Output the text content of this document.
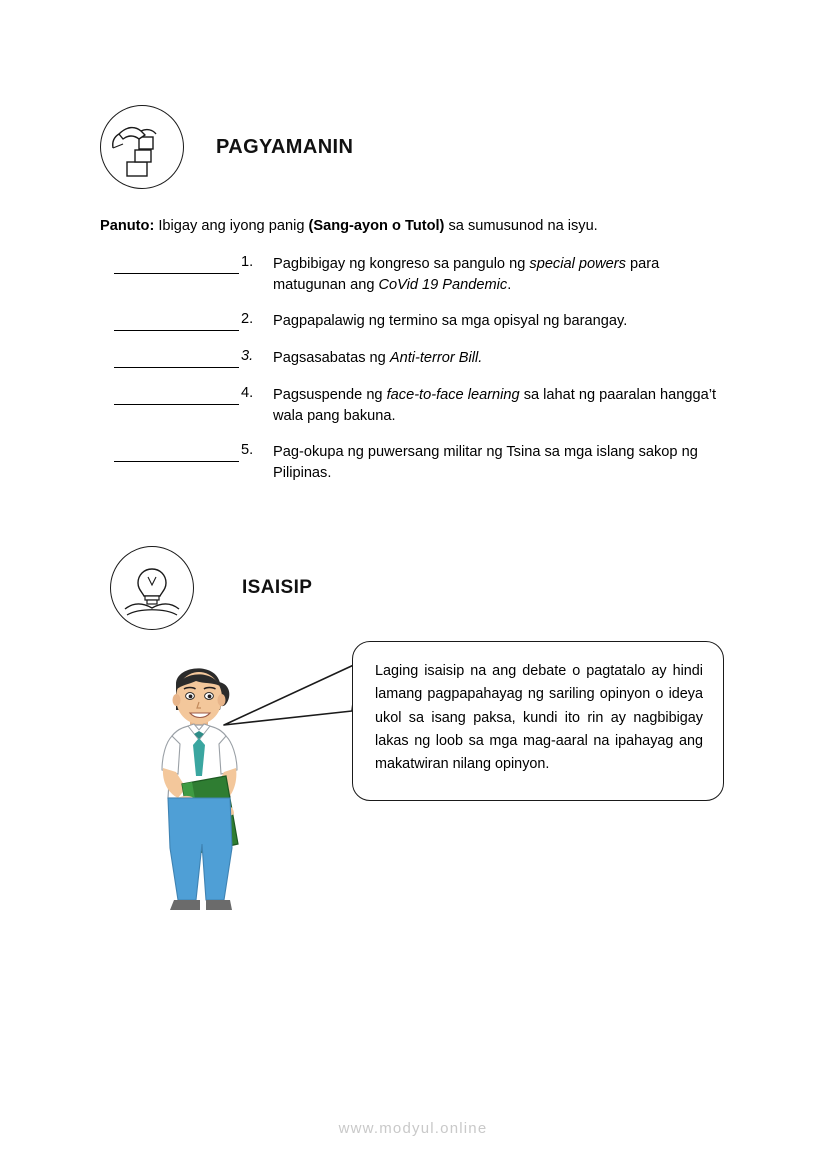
PAGYAMANIN
Panuto: Ibigay ang iyong panig (Sang-ayon o Tutol) sa sumusunod na isyu.
1.	Pagbibigay ng kongreso sa pangulo ng special powers para matugunan ang CoVid 19 Pandemic.
2.	Pagpapalawig ng termino sa mga opisyal ng barangay.
3.	Pagsasabatas ng Anti-terror Bill.
4.	Pagsuspende ng face-to-face learning sa lahat ng paaralan hangga’t wala pang bakuna.
5.	Pag-okupa ng puwersang militar ng Tsina sa mga islang sakop ng Pilipinas.
ISAISIP

Laging isaisip na ang debate o pagtatalo ay hindi lamang pagpapahayag ng sariling opinyon o ideya ukol sa isang paksa, kundi ito rin ay nagbibigay lakas ng loob sa mga mag-aaral na ipahayag ang makatwiran nilang opinyon.

www.modyul.online
